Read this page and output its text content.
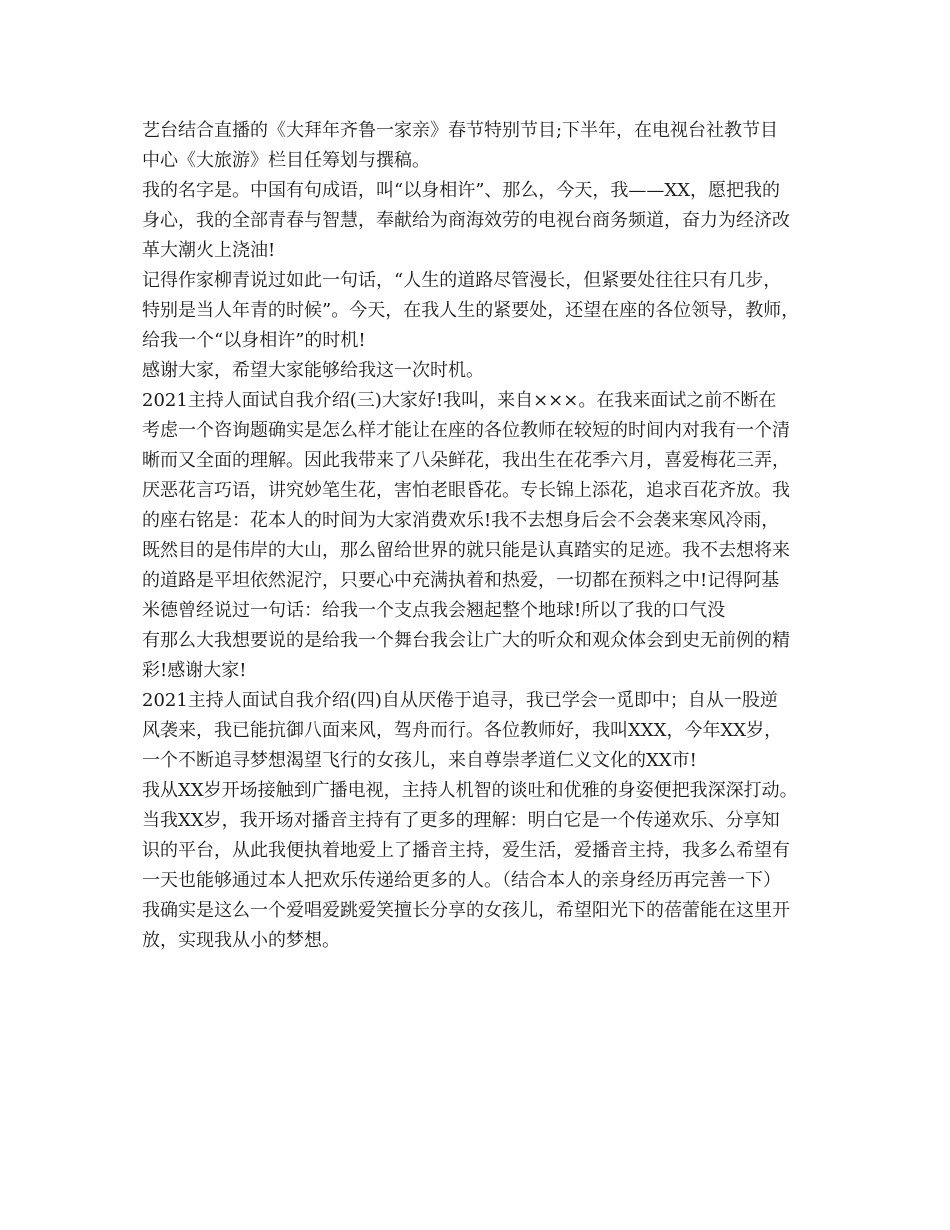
艺台结合直播的《大拜年齐鲁一家亲》春节特别节目;下半年，在电视台社教节目
中心《大旅游》栏目任筹划与撰稿。
我的名字是。中国有句成语，叫“以身相许”、那么，今天，我——XX，愿把我的
身心，我的全部青春与智慧，奉献给为商海效劳的电视台商务频道，奋力为经济改
革大潮火上浇油!
记得作家柳青说过如此一句话，“人生的道路尽管漫长，但紧要处往往只有几步，
特别是当人年青的时候”。今天，在我人生的紧要处，还望在座的各位领导，教师，
给我一个“以身相许”的时机!
感谢大家，希望大家能够给我这一次时机。
2021主持人面试自我介绍(三)大家好!我叫，来自×××。在我来面试之前不断在
考虑一个咨询题确实是怎么样才能让在座的各位教师在较短的时间内对我有一个清
晰而又全面的理解。因此我带来了八朵鲜花，我出生在花季六月，喜爱梅花三弄，
厌恶花言巧语，讲究妙笔生花，害怕老眼昏花。专长锦上添花，追求百花齐放。我
的座右铭是：花本人的时间为大家消费欢乐!我不去想身后会不会袭来寒风冷雨，
既然目的是伟岸的大山，那么留给世界的就只能是认真踏实的足迹。我不去想将来
的道路是平坦依然泥泞，只要心中充满执着和热爱，一切都在预料之中!记得阿基
米德曾经说过一句话：给我一个支点我会翘起整个地球!所以了我的口气没
有那么大我想要说的是给我一个舞台我会让广大的听众和观众体会到史无前例的精
彩!感谢大家!
2021主持人面试自我介绍(四)自从厌倦于追寻，我已学会一觅即中；自从一股逆
风袭来，我已能抗御八面来风，驾舟而行。各位教师好，我叫XXX，今年XX岁，
一个不断追寻梦想渴望飞行的女孩儿，来自尊崇孝道仁义文化的XX市!
我从XX岁开场接触到广播电视，主持人机智的谈吐和优雅的身姿便把我深深打动。
当我XX岁，我开场对播音主持有了更多的理解：明白它是一个传递欢乐、分享知
识的平台，从此我便执着地爱上了播音主持，爱生活，爱播音主持，我多么希望有
一天也能够通过本人把欢乐传递给更多的人。（结合本人的亲身经历再完善一下）
我确实是这么一个爱唱爱跳爱笑擅长分享的女孩儿，希望阳光下的蓓蕾能在这里开
放，实现我从小的梦想。
